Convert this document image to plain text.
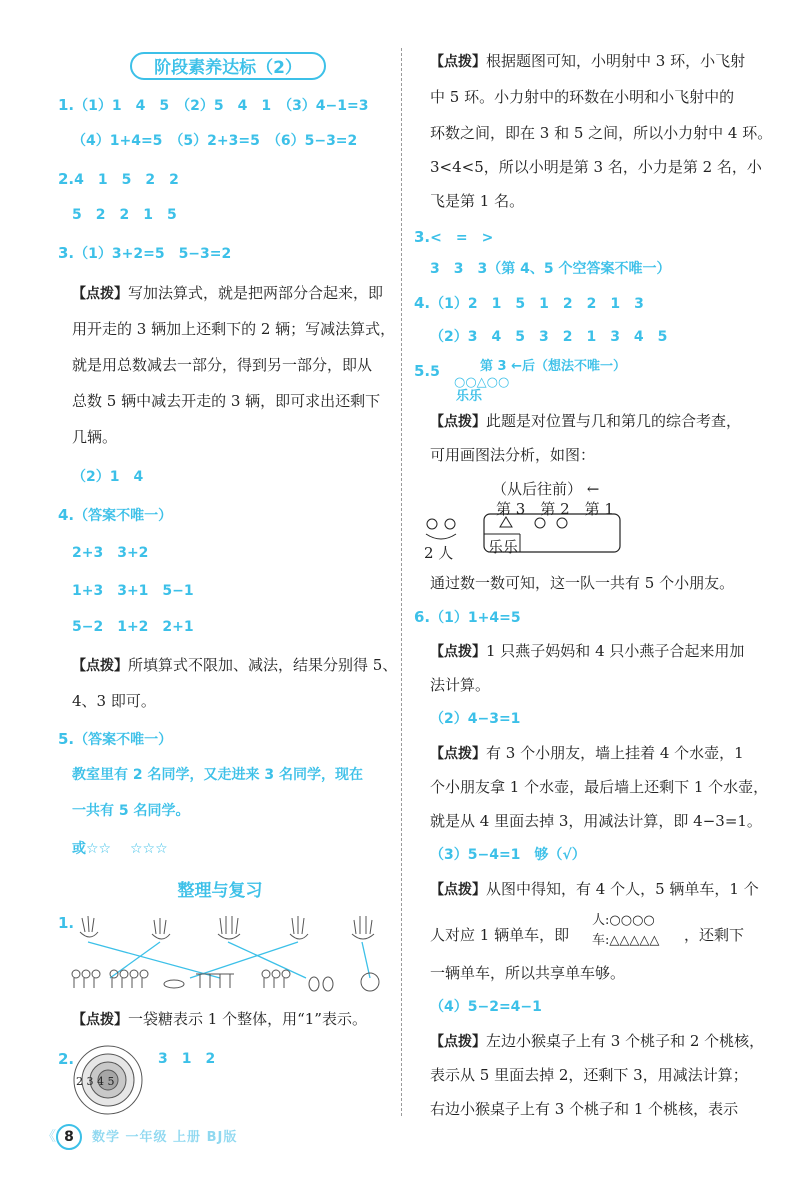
阶段素养达标（2）
1.（1）1　4　5　（2）5　4　1　（3）4−1=3
（4）1+4=5　（5）2+3=5　（6）5−3=2
2.4　1　5　2　2
5　2　2　1　5
3.（1）3+2=5　5−3=2
【点拨】写加法算式，就是把两部分合起来，即
用开走的 3 辆加上还剩下的 2 辆；写减法算式，
就是用总数减去一部分，得到另一部分，即从
总数 5 辆中减去开走的 3 辆，即可求出还剩下
几辆。
（2）1　4
4.（答案不唯一）
2+3　3+2
1+3　3+1　5−1
5−2　1+2　2+1
【点拨】所填算式不限加、减法，结果分别得 5、
4、3 即可。
5.（答案不唯一）
教室里有 2 名同学，又走进来 3 名同学，现在
一共有 5 名同学。
或☆☆　 ☆☆☆
整理与复习
1.
【点拨】一袋糖表示 1 个整体，用“1”表示。
2.
2 3 4 5
3　1　2
《 8	数学 一年级 上册 BJ版
【点拨】根据题图可知，小明射中 3 环，小飞射
中 5 环。小力射中的环数在小明和小飞射中的
环数之间，即在 3 和 5 之间，所以小力射中 4 环。
3<4<5，所以小明是第 3 名，小力是第 2 名，小
飞是第 1 名。
3.<　=　>
3　3　3（第 4、5 个空答案不唯一）
4.（1）2　1　5　1　2　2　1　3
（2）3　4　5　3　2　1　3　4　5
5.5	第 3 ←后（想法不唯一）
○○△○○
乐乐
【点拨】此题是对位置与几和第几的综合考查，
可用画图法分析，如图：
（从后往前） ←
第 3　第 2　第 1
2 人 乐乐
通过数一数可知，这一队一共有 5 个小朋友。
6.（1）1+4=5
【点拨】1 只燕子妈妈和 4 只小燕子合起来用加
法计算。
（2）4−3=1
【点拨】有 3 个小朋友，墙上挂着 4 个水壶，1
个小朋友拿 1 个水壶，最后墙上还剩下 1 个水壶，
就是从 4 里面去掉 3，用减法计算，即 4−3=1。
（3）5−4=1　够（√）
【点拨】从图中得知，有 4 个人，5 辆单车，1 个
人对应 1 辆单车，即
人:○○○○
车:△△△△△ ，还剩下
一辆单车，所以共享单车够。
（4）5−2=4−1
【点拨】左边小猴桌子上有 3 个桃子和 2 个桃核，
表示从 5 里面去掉 2，还剩下 3，用减法计算；
右边小猴桌子上有 3 个桃子和 1 个桃核，表示
